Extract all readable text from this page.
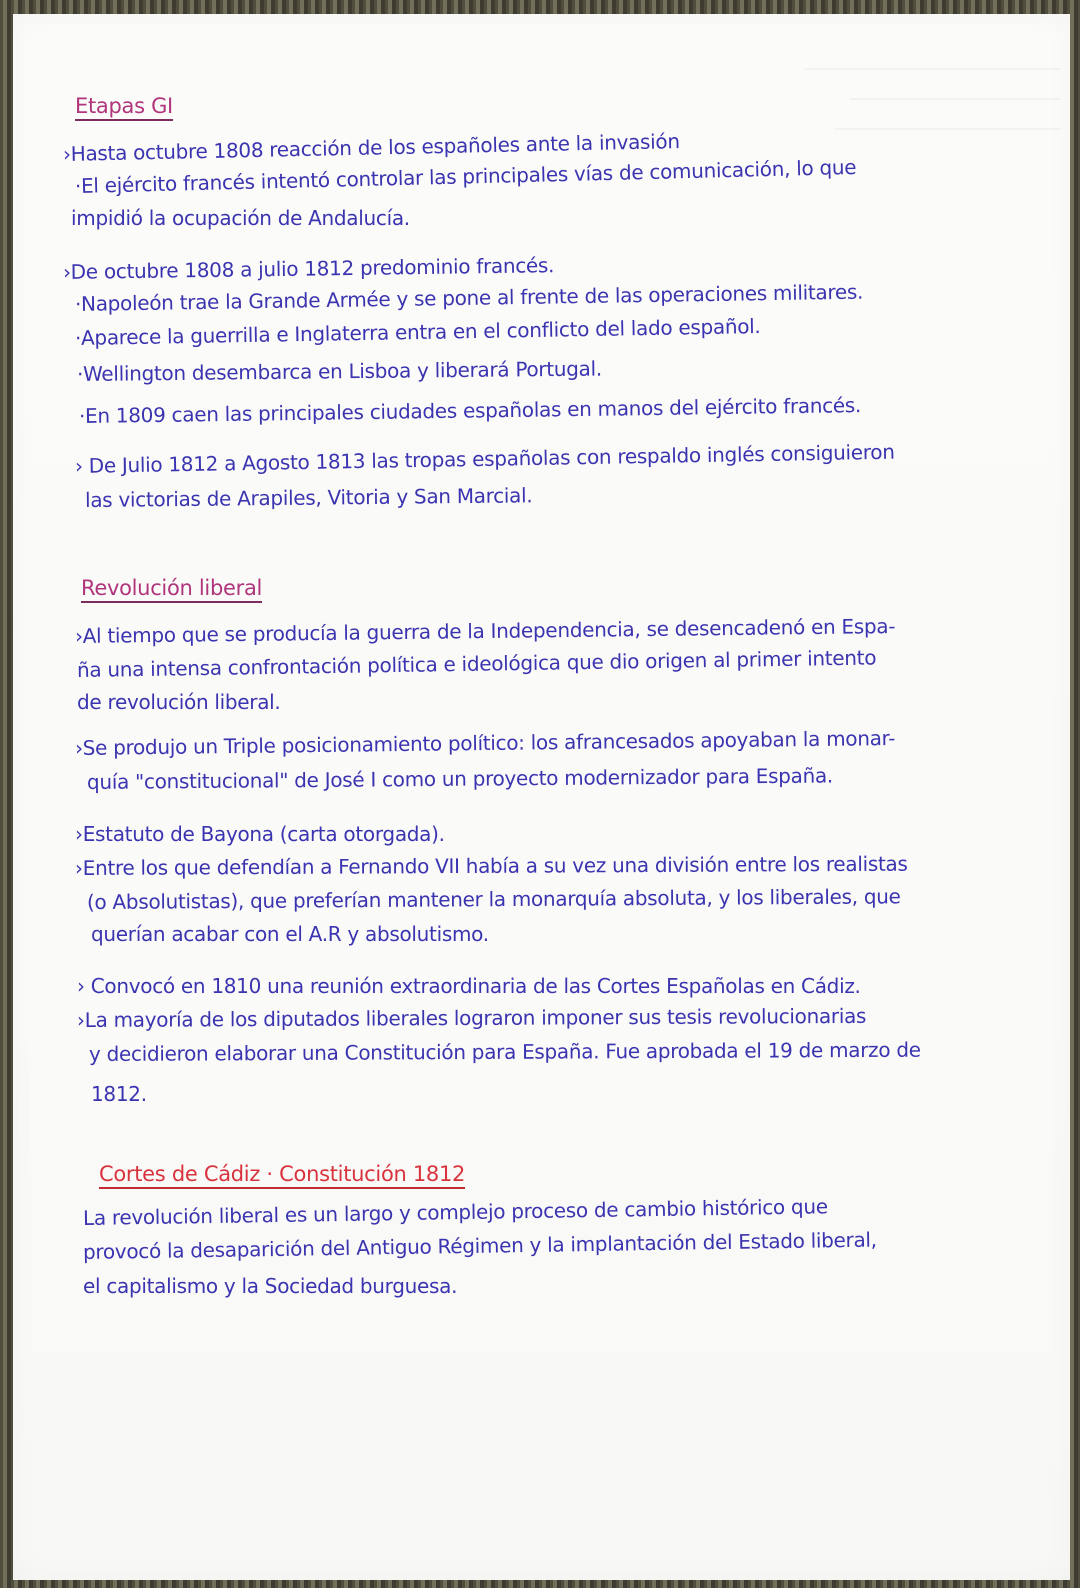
—————————————————
——————————————
———————————————
Etapas GI
›Hasta octubre 1808 reacción de los españoles ante la invasión
·El ejército francés intentó controlar las principales vías de comunicación, lo que
impidió la ocupación de Andalucía.
›De octubre 1808 a julio 1812 predominio francés.
·Napoleón trae la Grande Armée y se pone al frente de las operaciones militares.
·Aparece la guerrilla e Inglaterra entra en el conflicto del lado español.
·Wellington desembarca en Lisboa y liberará Portugal.
·En 1809 caen las principales ciudades españolas en manos del ejército francés.
› De Julio 1812 a Agosto 1813 las tropas españolas con respaldo inglés consiguieron
las victorias de Arapiles, Vitoria y San Marcial.
Revolución liberal
›Al tiempo que se producía la guerra de la Independencia, se desencadenó en Espa-
ña una intensa confrontación política e ideológica que dio origen al primer intento
de revolución liberal.
›Se produjo un Triple posicionamiento político: los afrancesados apoyaban la monar-
quía "constitucional" de José I como un proyecto modernizador para España.
›Estatuto de Bayona (carta otorgada).
›Entre los que defendían a Fernando VII había a su vez una división entre los realistas
(o Absolutistas), que preferían mantener la monarquía absoluta, y los liberales, que
querían acabar con el A.R y absolutismo.
› Convocó en 1810 una reunión extraordinaria de las Cortes Españolas en Cádiz.
›La mayoría de los diputados liberales lograron imponer sus tesis revolucionarias
y decidieron elaborar una Constitución para España. Fue aprobada el 19 de marzo de
1812.
Cortes de Cádiz · Constitución 1812
La revolución liberal es un largo y complejo proceso de cambio histórico que
provocó la desaparición del Antiguo Régimen y la implantación del Estado liberal,
el capitalismo y la Sociedad burguesa.
